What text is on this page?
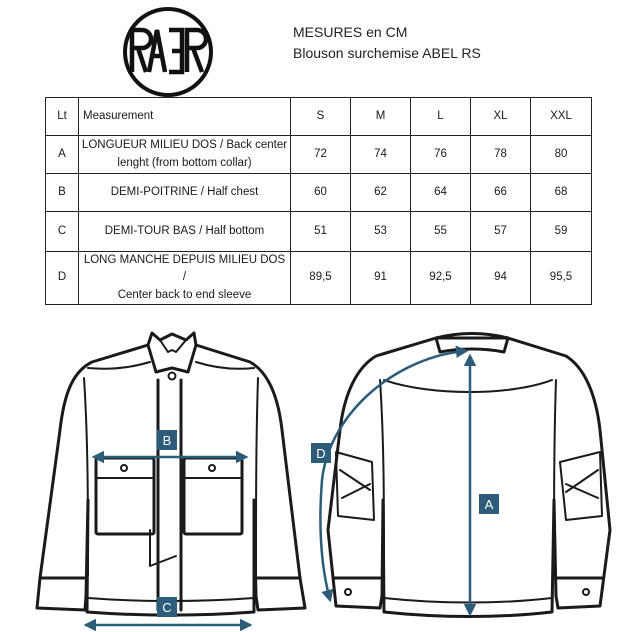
RAER
MESURES en CM
Blouson surchemise ABEL RS
Lt	Measurement	S	M	L	XL	XXL
A	LONGUEUR MILIEU DOS / Back center
lenght (from bottom collar)	72	74	76	78	80
B	DEMI-POITRINE / Half chest	60	62	64	66	68
C	DEMI-TOUR BAS / Half bottom	51	53	55	57	59
D	LONG MANCHE DEPUIS MILIEU DOS /
Center back to end sleeve	89,5	91	92,5	94	95,5
B
C
A
D
